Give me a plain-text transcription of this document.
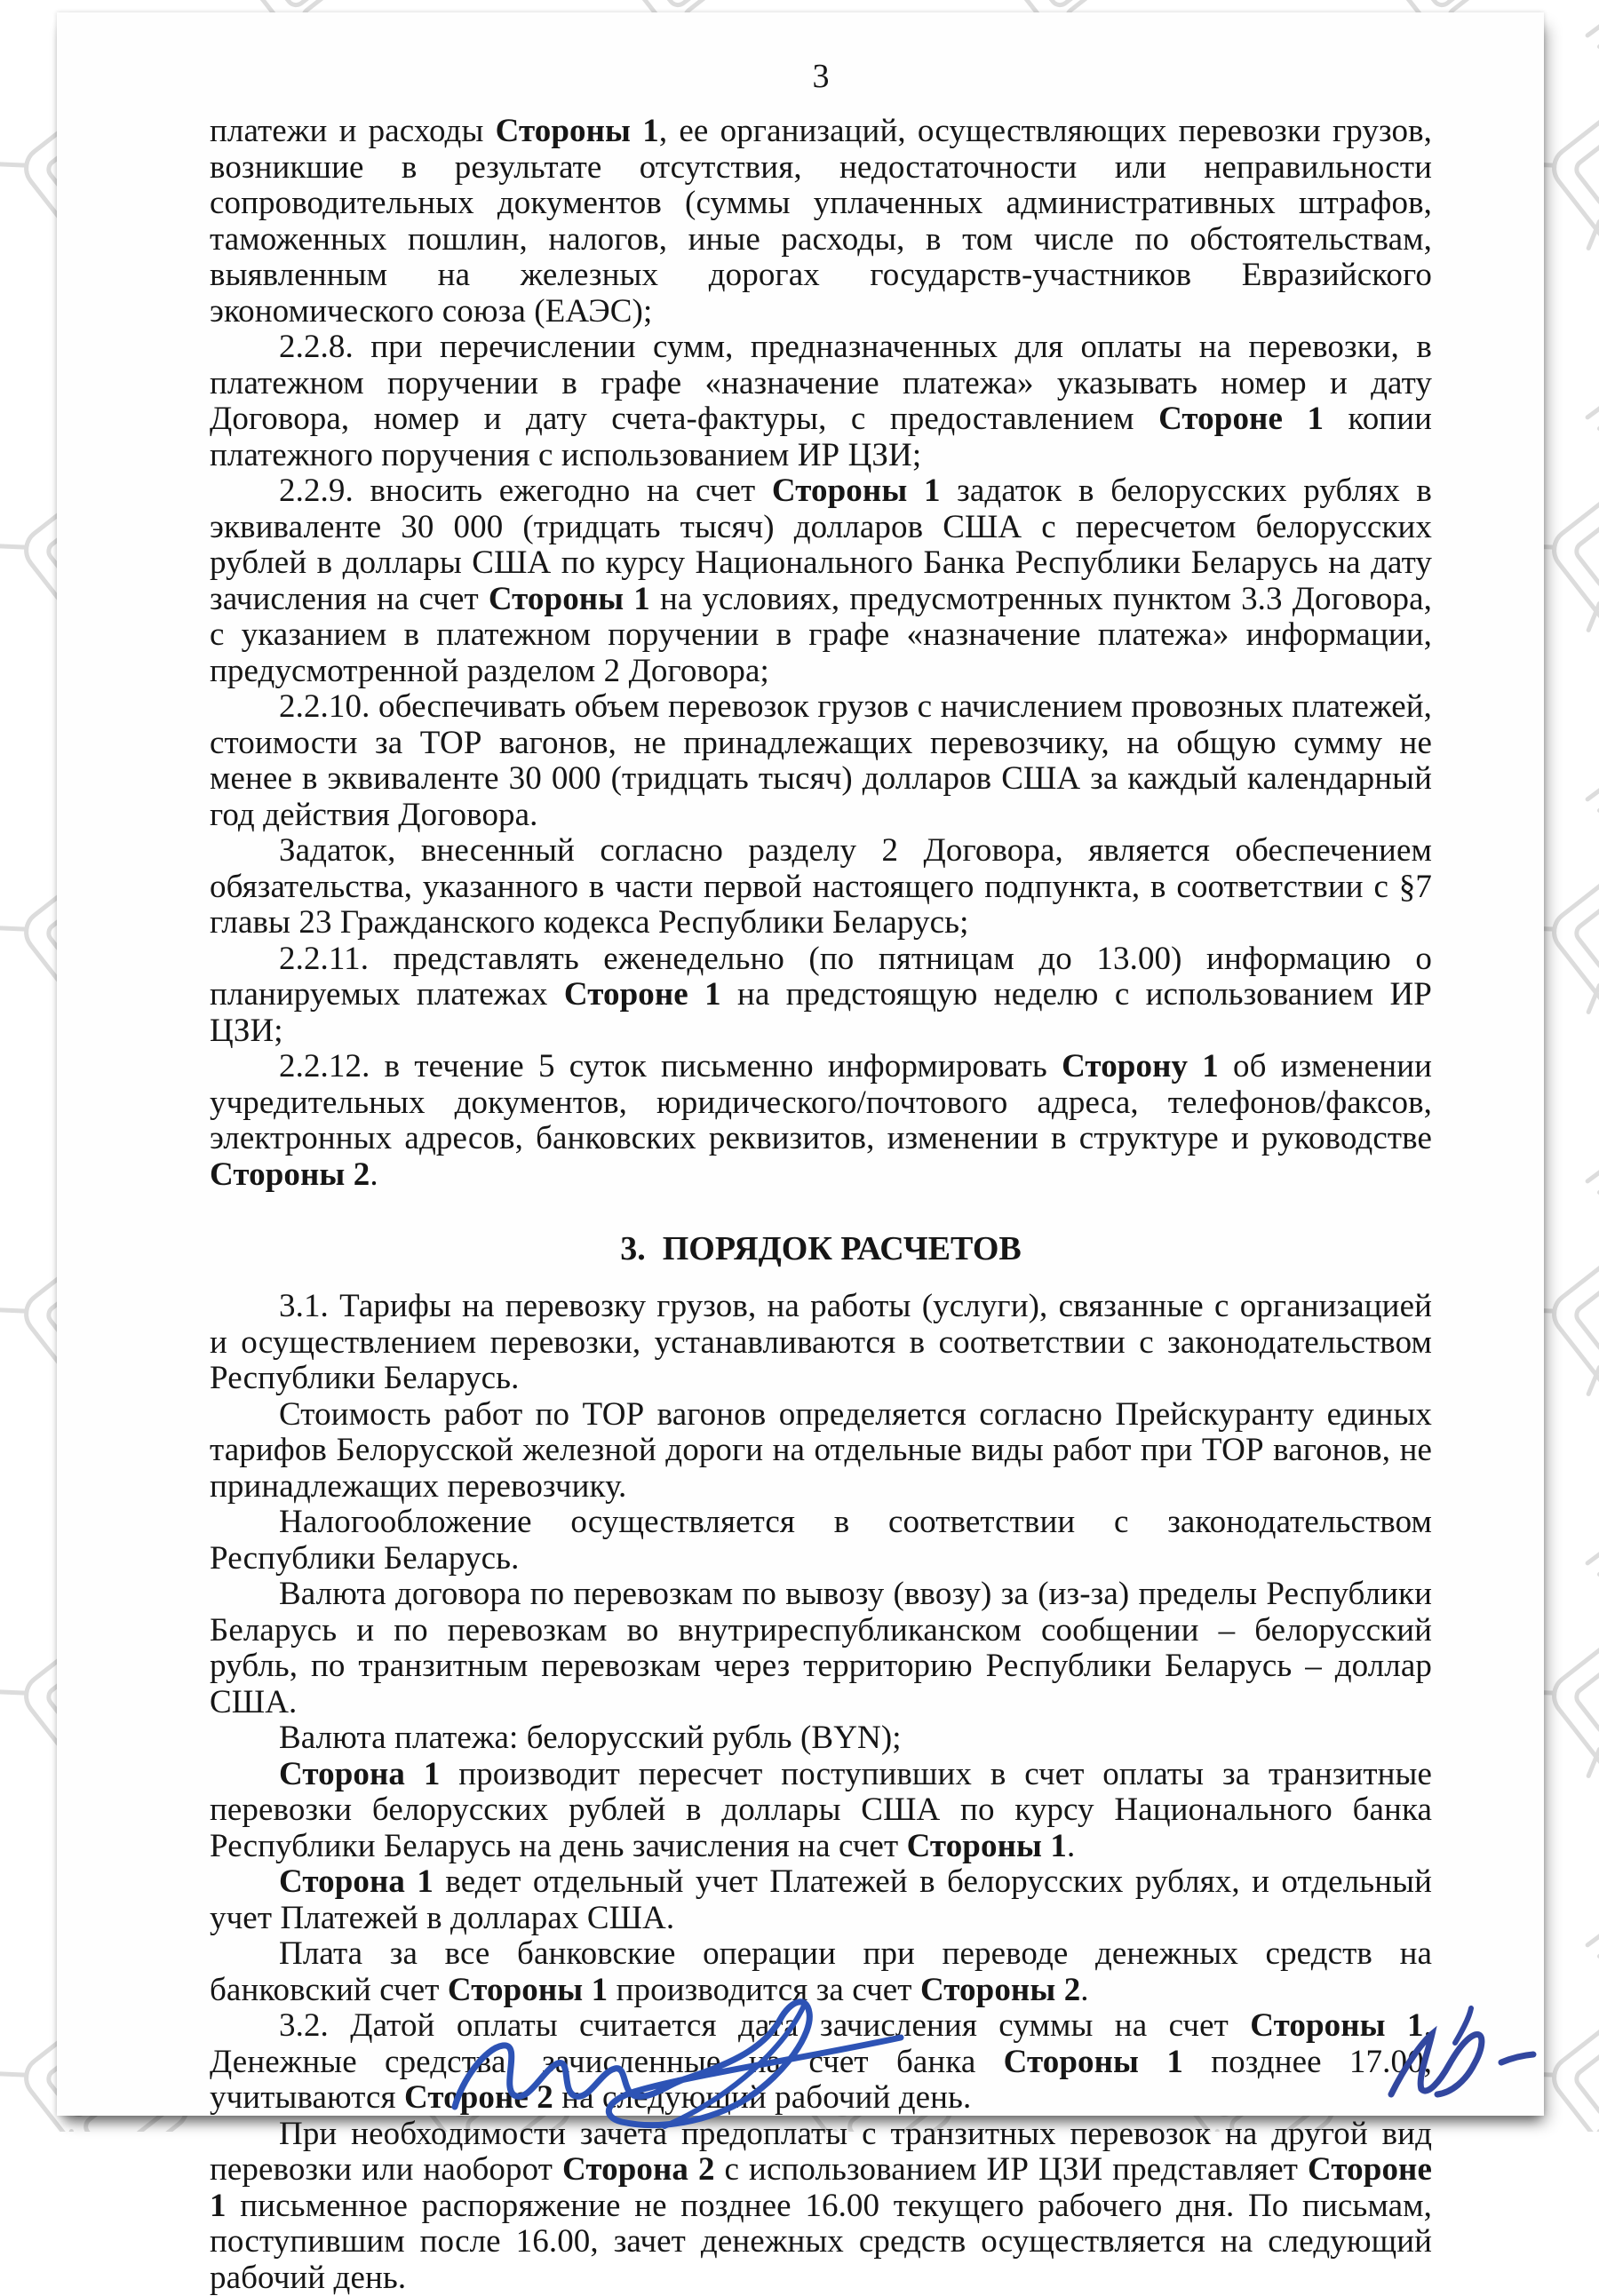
3

платежи и расходы Стороны 1, ее организаций, осуществляющих перевозки грузов, возникшие в результате отсутствия, недостаточности или неправильности сопроводительных документов (суммы уплаченных административных штрафов, таможенных пошлин, налогов, иные расходы, в том числе по обстоятельствам, выявленным на железных дорогах государств-участников Евразийского экономического союза (ЕАЭС);

2.2.8. при перечислении сумм, предназначенных для оплаты на перевозки, в платежном поручении в графе «назначение платежа» указывать номер и дату Договора, номер и дату счета-фактуры, с предоставлением Стороне 1 копии платежного поручения с использованием ИР ЦЗИ;

2.2.9. вносить ежегодно на счет Стороны 1 задаток в белорусских рублях в эквиваленте 30 000 (тридцать тысяч) долларов США с пересчетом белорусских рублей в доллары США по курсу Национального Банка Республики Беларусь на дату зачисления на счет Стороны 1 на условиях, предусмотренных пунктом 3.3 Договора, с указанием в платежном поручении в графе «назначение платежа» информации, предусмотренной разделом 2 Договора;

2.2.10. обеспечивать объем перевозок грузов с начислением провозных платежей, стоимости за ТОР вагонов, не принадлежащих перевозчику, на общую сумму не менее в эквиваленте 30 000 (тридцать тысяч) долларов США за каждый календарный год действия Договора.

Задаток, внесенный согласно разделу 2 Договора, является обеспечением обязательства, указанного в части первой настоящего подпункта, в соответствии с §7 главы 23 Гражданского кодекса Республики Беларусь;

2.2.11. представлять еженедельно (по пятницам до 13.00) информацию о планируемых платежах Стороне 1 на предстоящую неделю с использованием ИР ЦЗИ;

2.2.12. в течение 5 суток письменно информировать Сторону 1 об изменении учредительных документов, юридического/почтового адреса, телефонов/факсов, электронных адресов, банковских реквизитов, изменении в структуре и руководстве Стороны 2.

3.  ПОРЯДОК РАСЧЕТОВ

3.1. Тарифы на перевозку грузов, на работы (услуги), связанные с организацией и осуществлением перевозки, устанавливаются в соответствии с законодательством Республики Беларусь.

Стоимость работ по ТОР вагонов определяется согласно Прейскуранту единых тарифов Белорусской железной дороги на отдельные виды работ при ТОР вагонов, не принадлежащих перевозчику.

Налогообложение осуществляется в соответствии с законодательством Республики Беларусь.

Валюта договора по перевозкам по вывозу (ввозу) за (из-за) пределы Республики Беларусь и по перевозкам во внутриреспубликанском сообщении – белорусский рубль, по транзитным перевозкам через территорию Республики Беларусь – доллар США.

Валюта платежа: белорусский рубль (BYN);

Сторона 1 производит пересчет поступивших в счет оплаты за транзитные перевозки белорусских рублей в доллары США по курсу Национального банка Республики Беларусь на день зачисления на счет Стороны 1.

Сторона 1 ведет отдельный учет Платежей в белорусских рублях, и отдельный учет Платежей в долларах США.

Плата за все банковские операции при переводе денежных средств на банковский счет Стороны 1 производится за счет Стороны 2.

3.2. Датой оплаты считается дата зачисления суммы на счет Стороны 1. Денежные средства, зачисленные на счет банка Стороны 1 позднее 17.00, учитываются Стороне 2 на следующий рабочий день.

При необходимости зачета предоплаты с транзитных перевозок на другой вид перевозки или наоборот Сторона 2 с использованием ИР ЦЗИ представляет Стороне 1 письменное распоряжение не позднее 16.00 текущего рабочего дня. По письмам, поступившим после 16.00, зачет денежных средств осуществляется на следующий рабочий день.
